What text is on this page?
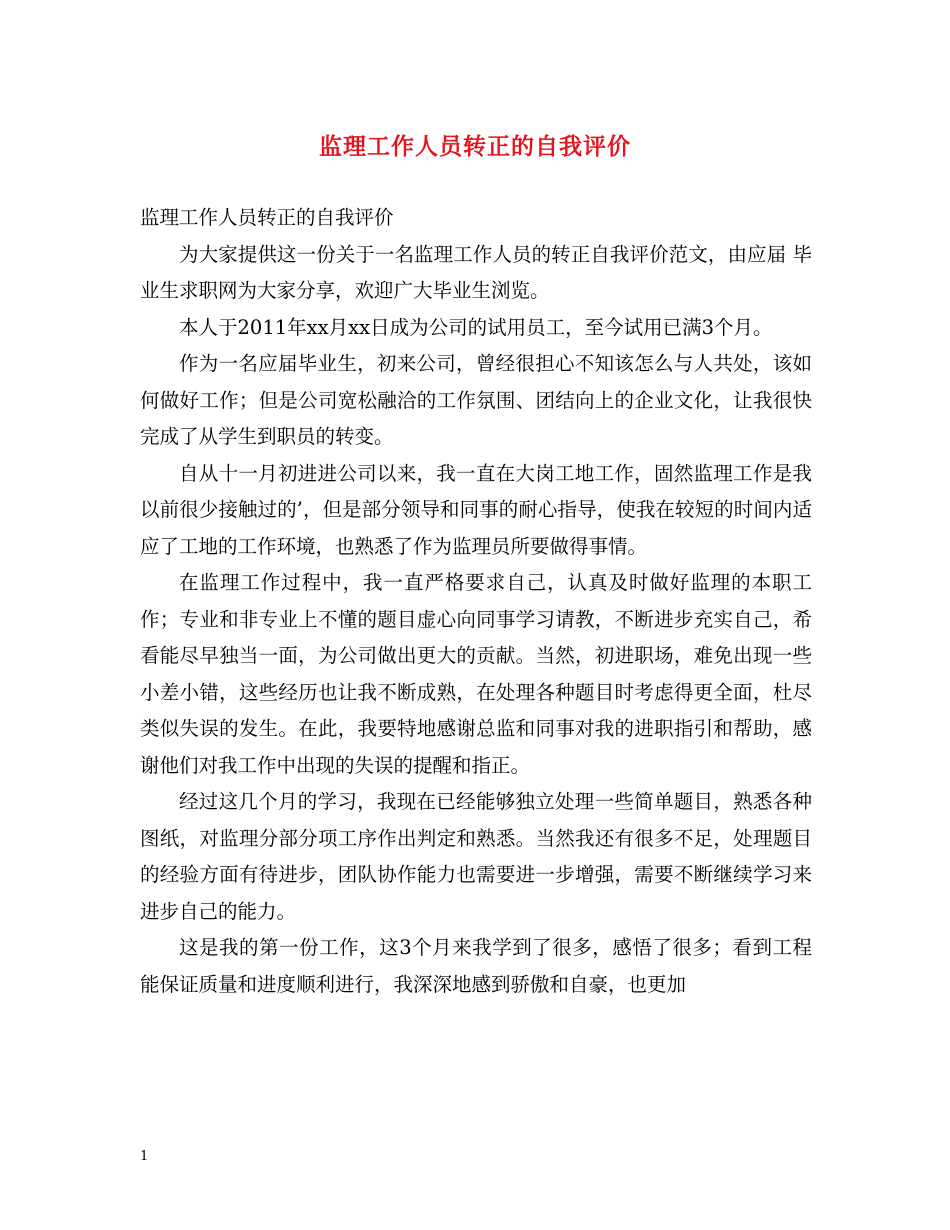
监理工作人员转正的自我评价

监理工作人员转正的自我评价

为大家提供这一份关于一名监理工作人员的转正自我评价范文，由应届 毕业生求职网为大家分享，欢迎广大毕业生浏览。

本人于2011年xx月xx日成为公司的试用员工，至今试用已满3个月。

作为一名应届毕业生，初来公司，曾经很担心不知该怎么与人共处，该如何做好工作；但是公司宽松融洽的工作氛围、团结向上的企业文化，让我很快完成了从学生到职员的转变。

自从十一月初进进公司以来，我一直在大岗工地工作，固然监理工作是我以前很少接触过的’，但是部分领导和同事的耐心指导，使我在较短的时间内适应了工地的工作环境，也熟悉了作为监理员所要做得事情。

在监理工作过程中，我一直严格要求自己，认真及时做好监理的本职工作；专业和非专业上不懂的题目虚心向同事学习请教，不断进步充实自己，希看能尽早独当一面，为公司做出更大的贡献。当然，初进职场，难免出现一些小差小错，这些经历也让我不断成熟，在处理各种题目时考虑得更全面，杜尽类似失误的发生。在此，我要特地感谢总监和同事对我的进职指引和帮助，感谢他们对我工作中出现的失误的提醒和指正。

经过这几个月的学习，我现在已经能够独立处理一些简单题目，熟悉各种图纸，对监理分部分项工序作出判定和熟悉。当然我还有很多不足，处理题目的经验方面有待进步，团队协作能力也需要进一步增强，需要不断继续学习来进步自己的能力。

这是我的第一份工作，这3个月来我学到了很多，感悟了很多；看到工程能保证质量和进度顺利进行，我深深地感到骄傲和自豪，也更加

1
